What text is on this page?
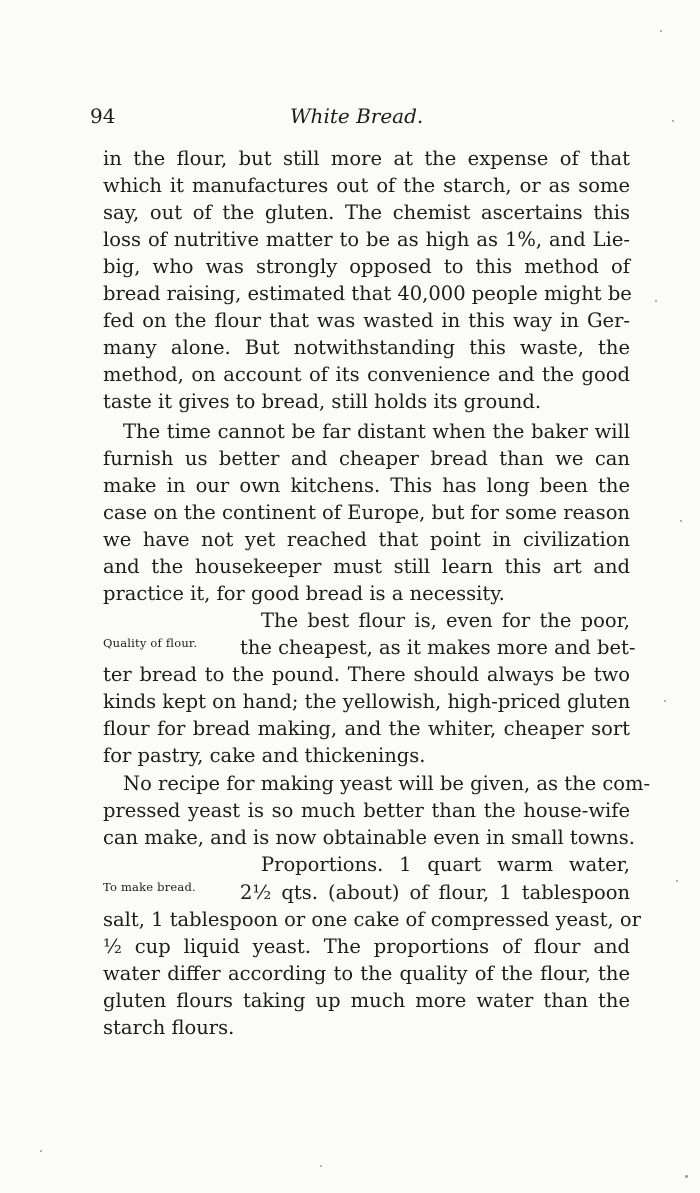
94	White Bread.
in the flour, but still more at the expense of that
which it manufactures out of the starch, or as some
say, out of the gluten. The chemist ascertains this
loss of nutritive matter to be as high as 1%, and Lie-
big, who was strongly opposed to this method of
bread raising, estimated that 40,000 people might be
fed on the flour that was wasted in this way in Ger-
many alone. But notwithstanding this waste, the
method, on account of its convenience and the good
taste it gives to bread, still holds its ground.
The time cannot be far distant when the baker will
furnish us better and cheaper bread than we can
make in our own kitchens. This has long been the
case on the continent of Europe, but for some reason
we have not yet reached that point in civilization
and the housekeeper must still learn this art and
practice it, for good bread is a necessity.
The best flour is, even for the poor,
Quality of flour. the cheapest, as it makes more and bet-
ter bread to the pound. There should always be two
kinds kept on hand; the yellowish, high-priced gluten
flour for bread making, and the whiter, cheaper sort
for pastry, cake and thickenings.
No recipe for making yeast will be given, as the com-
pressed yeast is so much better than the house-wife
can make, and is now obtainable even in small towns.
Proportions. 1 quart warm water,
To make bread. 2½ qts. (about) of flour, 1 tablespoon
salt, 1 tablespoon or one cake of compressed yeast, or
½ cup liquid yeast. The proportions of flour and
water differ according to the quality of the flour, the
gluten flours taking up much more water than the
starch flours.
